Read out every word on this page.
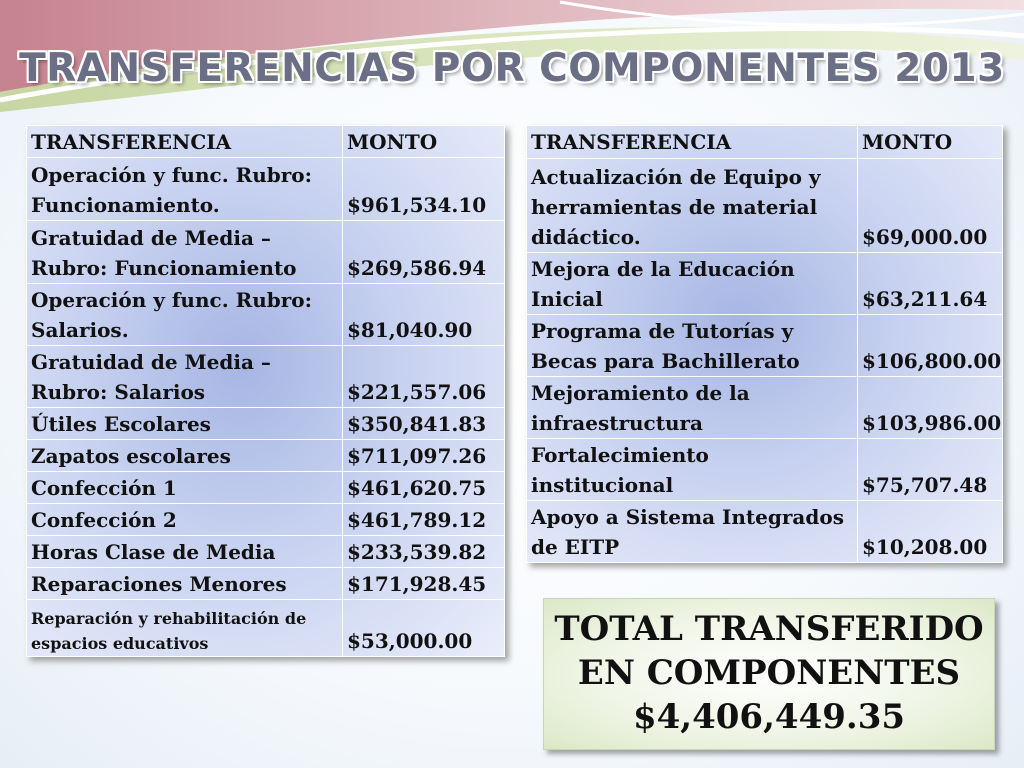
TRANSFERENCIAS POR COMPONENTES 2013
TRANSFERENCIA	MONTO
Operación y func. Rubro: Funcionamiento.	$961,534.10
Gratuidad de Media – Rubro: Funcionamiento	$269,586.94
Operación y func. Rubro: Salarios.	$81,040.90
Gratuidad de Media – Rubro: Salarios	$221,557.06
Útiles Escolares	$350,841.83
Zapatos escolares	$711,097.26
Confección 1	$461,620.75
Confección 2	$461,789.12
Horas Clase de Media	$233,539.82
Reparaciones Menores	$171,928.45
Reparación y rehabilitación de espacios educativos	$53,000.00
TRANSFERENCIA	MONTO
Actualización de Equipo y herramientas de material didáctico.	$69,000.00
Mejora de la Educación Inicial	$63,211.64
Programa de Tutorías y Becas para Bachillerato	$106,800.00
Mejoramiento de la infraestructura	$103,986.00
Fortalecimiento institucional	$75,707.48
Apoyo a Sistema Integrados de EITP	$10,208.00
TOTAL TRANSFERIDO
EN COMPONENTES
$4,406,449.35
